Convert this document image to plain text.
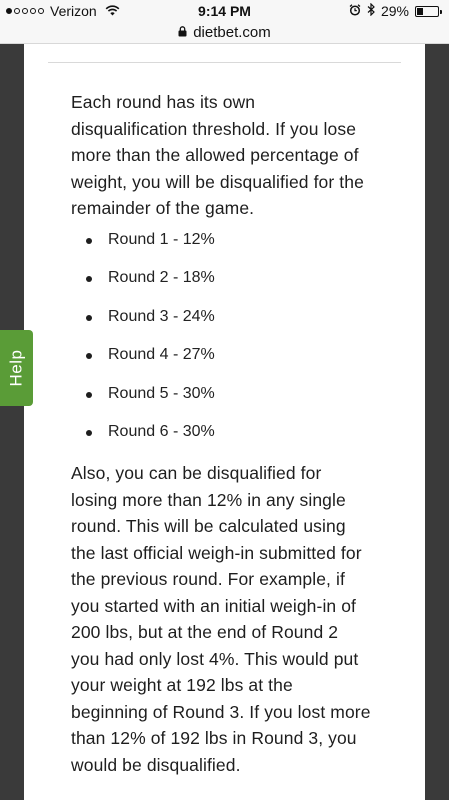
Verizon	9:14 PM	29%
dietbet.com

Each round has its own disqualification threshold. If you lose more than the allowed percentage of weight, you will be disqualified for the remainder of the game.

Round 1 - 12%
Round 2 - 18%
Round 3 - 24%
Round 4 - 27%
Round 5 - 30%
Round 6 - 30%

Also, you can be disqualified for losing more than 12% in any single round. This will be calculated using the last official weigh-in submitted for the previous round. For example, if you started with an initial weigh-in of 200 lbs, but at the end of Round 2 you had only lost 4%. This would put your weight at 192 lbs at the beginning of Round 3. If you lost more than 12% of 192 lbs in Round 3, you would be disqualified.

Help
